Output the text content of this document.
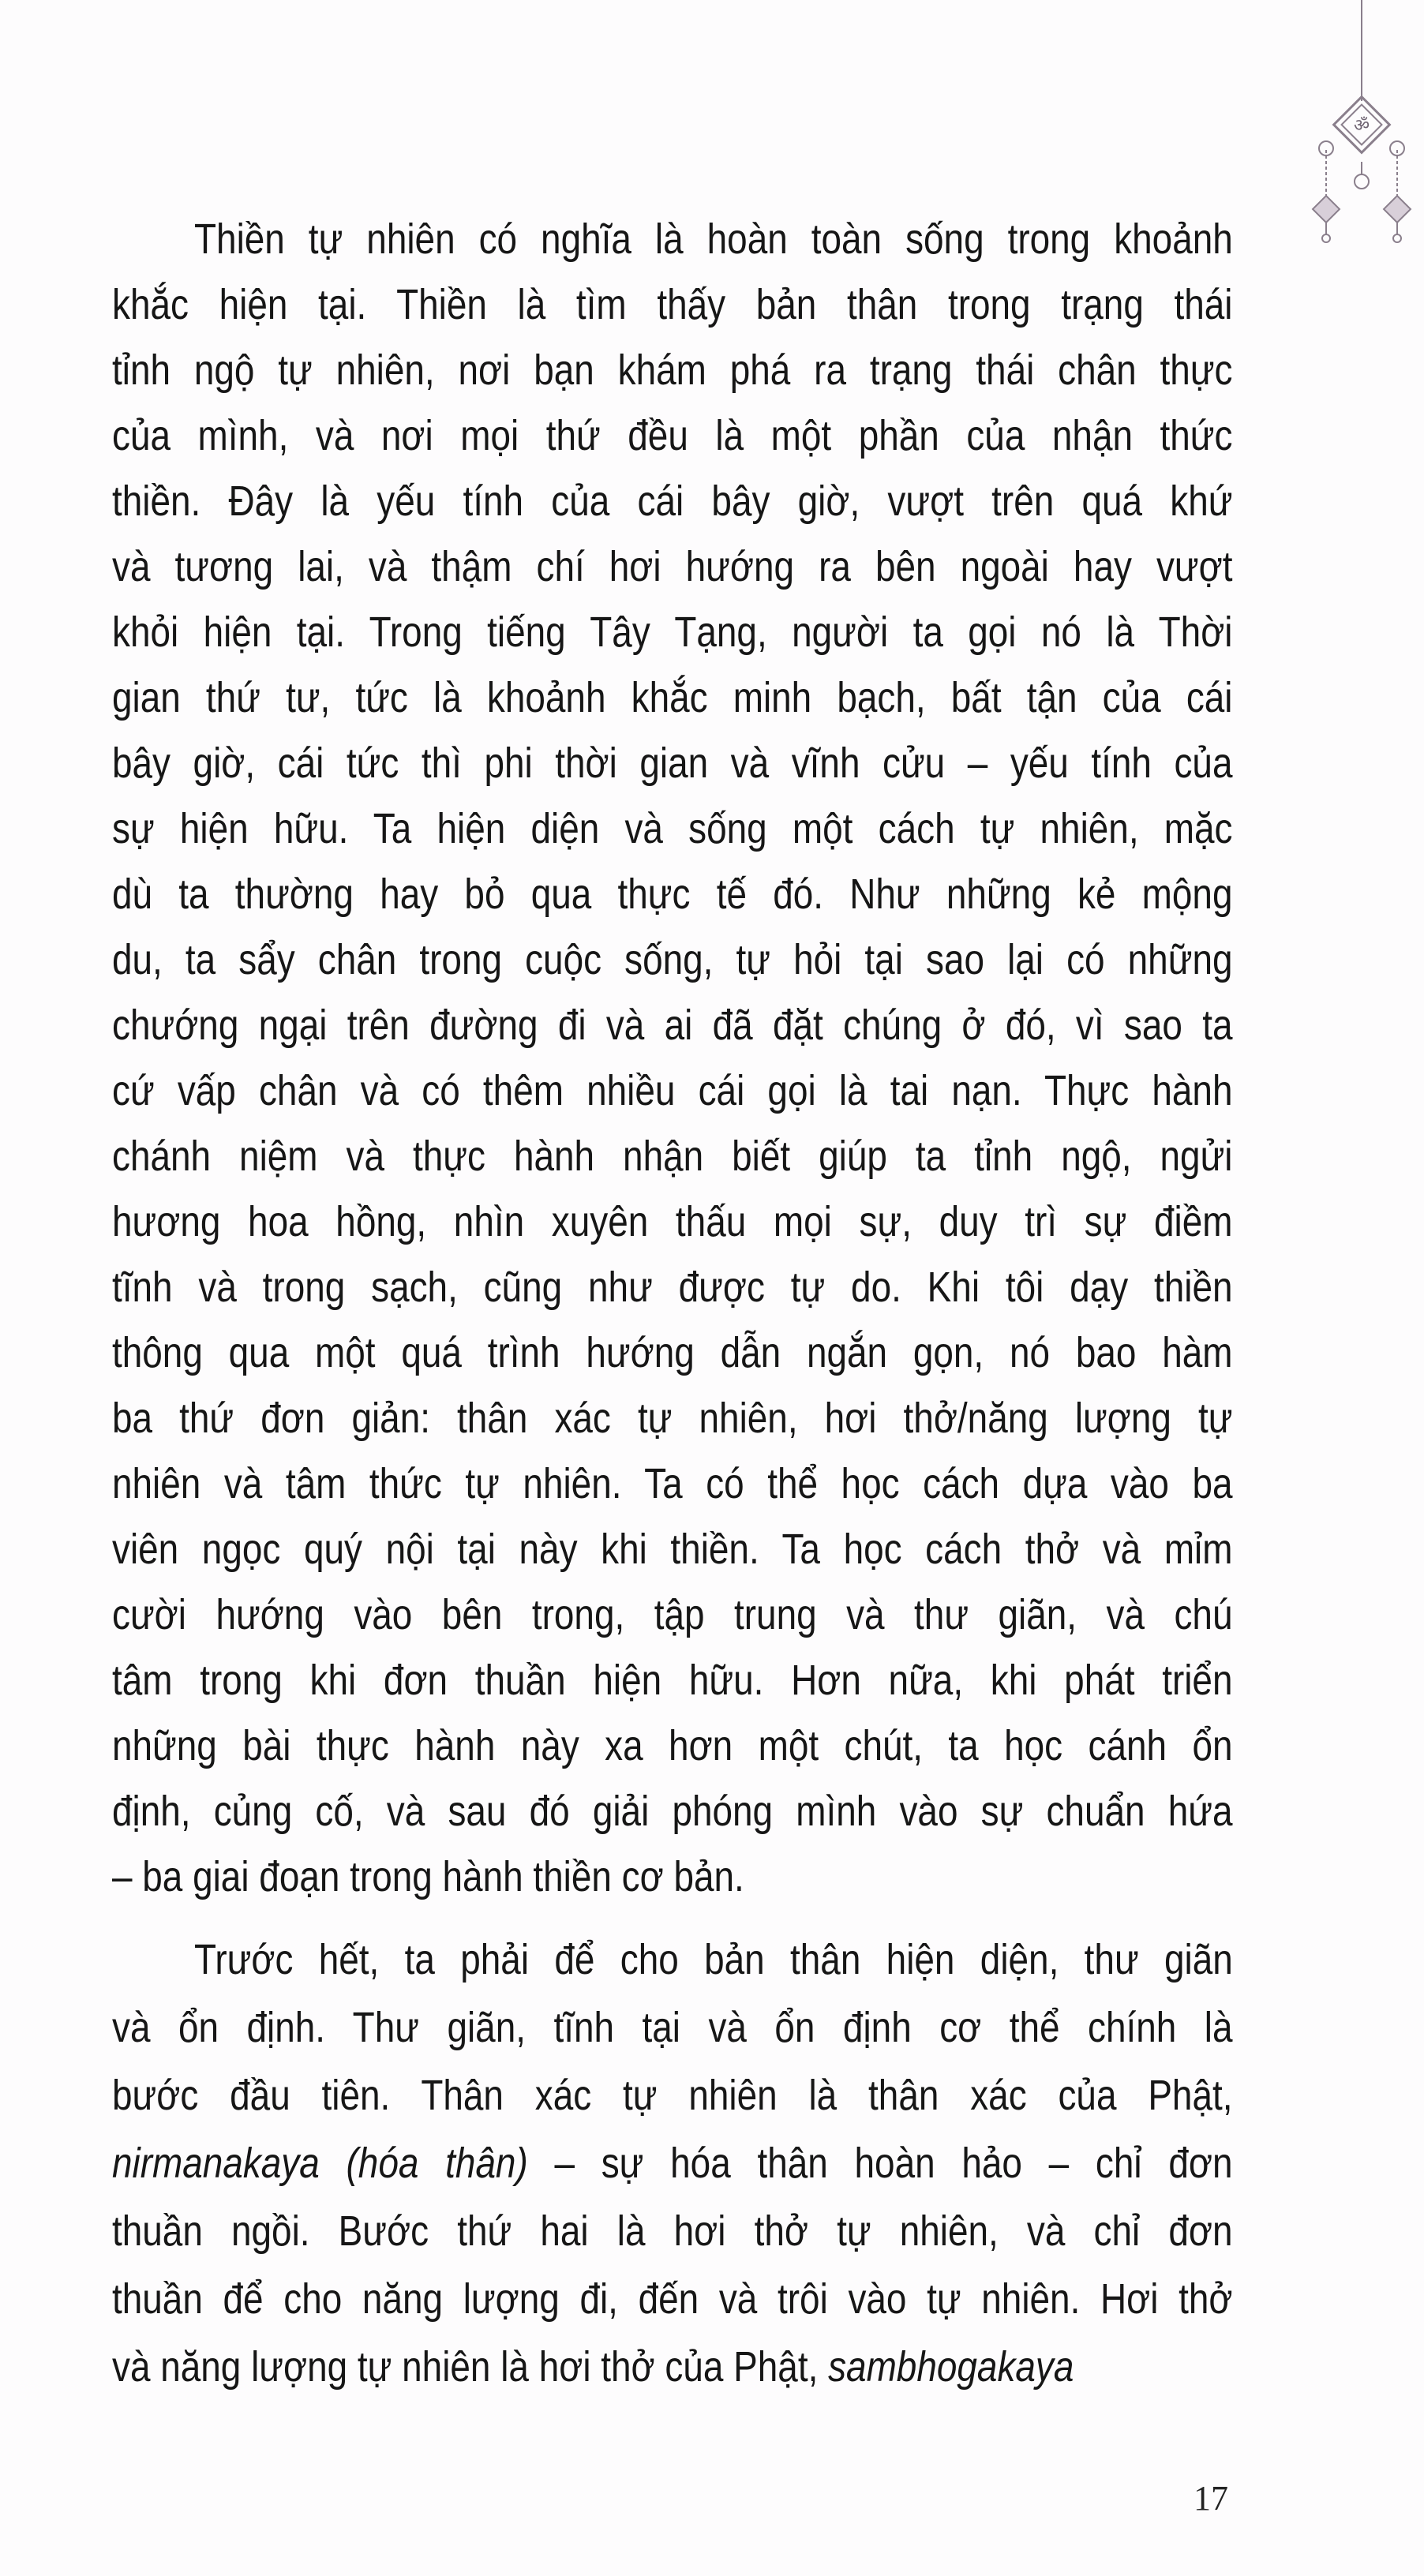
ॐ
Thiền tự nhiên có nghĩa là hoàn toàn sống trong khoảnh
khắc hiện tại. Thiền là tìm thấy bản thân trong trạng thái
tỉnh ngộ tự nhiên, nơi bạn khám phá ra trạng thái chân thực
của mình, và nơi mọi thứ đều là một phần của nhận thức
thiền. Đây là yếu tính của cái bây giờ, vượt trên quá khứ
và tương lai, và thậm chí hơi hướng ra bên ngoài hay vượt
khỏi hiện tại. Trong tiếng Tây Tạng, người ta gọi nó là Thời
gian thứ tư, tức là khoảnh khắc minh bạch, bất tận của cái
bây giờ, cái tức thì phi thời gian và vĩnh cửu – yếu tính của
sự hiện hữu. Ta hiện diện và sống một cách tự nhiên, mặc
dù ta thường hay bỏ qua thực tế đó. Như những kẻ mộng
du, ta sẩy chân trong cuộc sống, tự hỏi tại sao lại có những
chướng ngại trên đường đi và ai đã đặt chúng ở đó, vì sao ta
cứ vấp chân và có thêm nhiều cái gọi là tai nạn. Thực hành
chánh niệm và thực hành nhận biết giúp ta tỉnh ngộ, ngửi
hương hoa hồng, nhìn xuyên thấu mọi sự, duy trì sự điềm
tĩnh và trong sạch, cũng như được tự do. Khi tôi dạy thiền
thông qua một quá trình hướng dẫn ngắn gọn, nó bao hàm
ba thứ đơn giản: thân xác tự nhiên, hơi thở/năng lượng tự
nhiên và tâm thức tự nhiên. Ta có thể học cách dựa vào ba
viên ngọc quý nội tại này khi thiền. Ta học cách thở và mỉm
cười hướng vào bên trong, tập trung và thư giãn, và chú
tâm trong khi đơn thuần hiện hữu. Hơn nữa, khi phát triển
những bài thực hành này xa hơn một chút, ta học cánh ổn
định, củng cố, và sau đó giải phóng mình vào sự chuẩn hứa
– ba giai đoạn trong hành thiền cơ bản.
Trước hết, ta phải để cho bản thân hiện diện, thư giãn
và ổn định. Thư giãn, tĩnh tại và ổn định cơ thể chính là
bước đầu tiên. Thân xác tự nhiên là thân xác của Phật,
nirmanakaya (hóa thân) – sự hóa thân hoàn hảo – chỉ đơn
thuần ngồi. Bước thứ hai là hơi thở tự nhiên, và chỉ đơn
thuần để cho năng lượng đi, đến và trôi vào tự nhiên. Hơi thở
và năng lượng tự nhiên là hơi thở của Phật, sambhogakaya
17
